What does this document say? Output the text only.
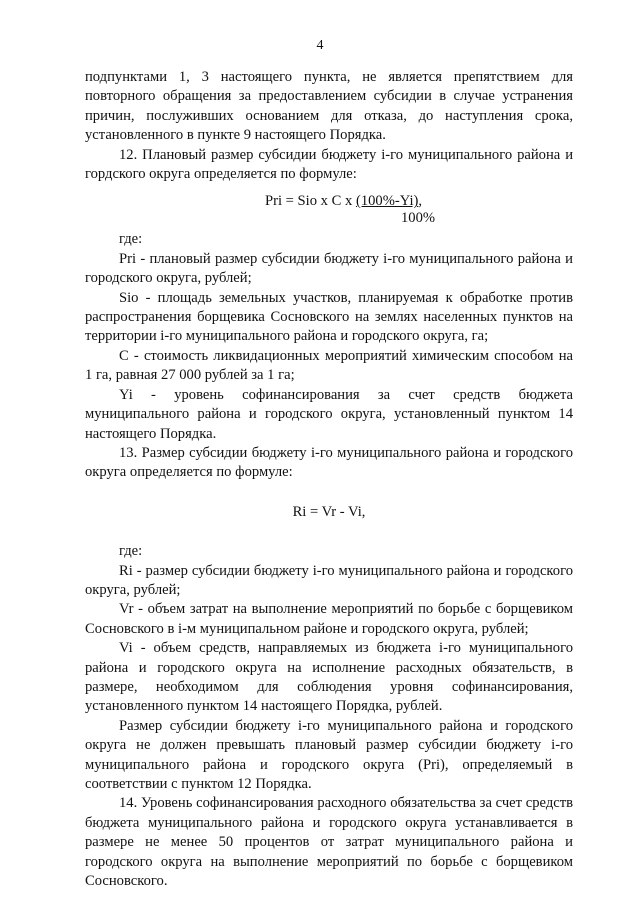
4

подпунктами 1, 3 настоящего пункта, не является препятствием для повторного обращения за предоставлением субсидии в случае устранения причин, послуживших основанием для отказа, до наступления срока, установленного в пункте 9 настоящего Порядка.

12. Плановый размер субсидии бюджету i-го муниципального района и гордского округа определяется по формуле:

Pri = Sio x C x (100%-Yi),
100%

где:

Pri - плановый размер субсидии бюджету i-го муниципального района и городского округа, рублей;

Sio - площадь земельных участков, планируемая к обработке против распространения борщевика Сосновского на землях населенных пунктов на территории i-го муниципального района и городского округа, га;

С - стоимость ликвидационных мероприятий химическим способом на 1 га, равная 27 000 рублей за 1 га;

Yi - уровень софинансирования за счет средств бюджета муниципального района и городского округа, установленный пунктом 14 настоящего Порядка.

13. Размер субсидии бюджету i-го муниципального района и городского округа определяется по формуле:

Ri = Vr - Vi,

где:

Ri - размер субсидии бюджету i-го муниципального района и городского округа, рублей;

Vr - объем затрат на выполнение мероприятий по борьбе с борщевиком Сосновского в i-м муниципальном районе и городского округа, рублей;

Vi - объем средств, направляемых из бюджета i-го муниципального района и городского округа на исполнение расходных обязательств, в размере, необходимом для соблюдения уровня софинансирования, установленного пунктом 14 настоящего Порядка, рублей.

Размер субсидии бюджету i-го муниципального района и городского округа не должен превышать плановый размер субсидии бюджету i-го муниципального района и городского округа (Pri), определяемый в соответствии с пунктом 12 Порядка.

14. Уровень софинансирования расходного обязательства за счет средств бюджета муниципального района и городского округа устанавливается в размере не менее 50 процентов от затрат муниципального района и городского округа на выполнение мероприятий по борьбе с борщевиком Сосновского.
